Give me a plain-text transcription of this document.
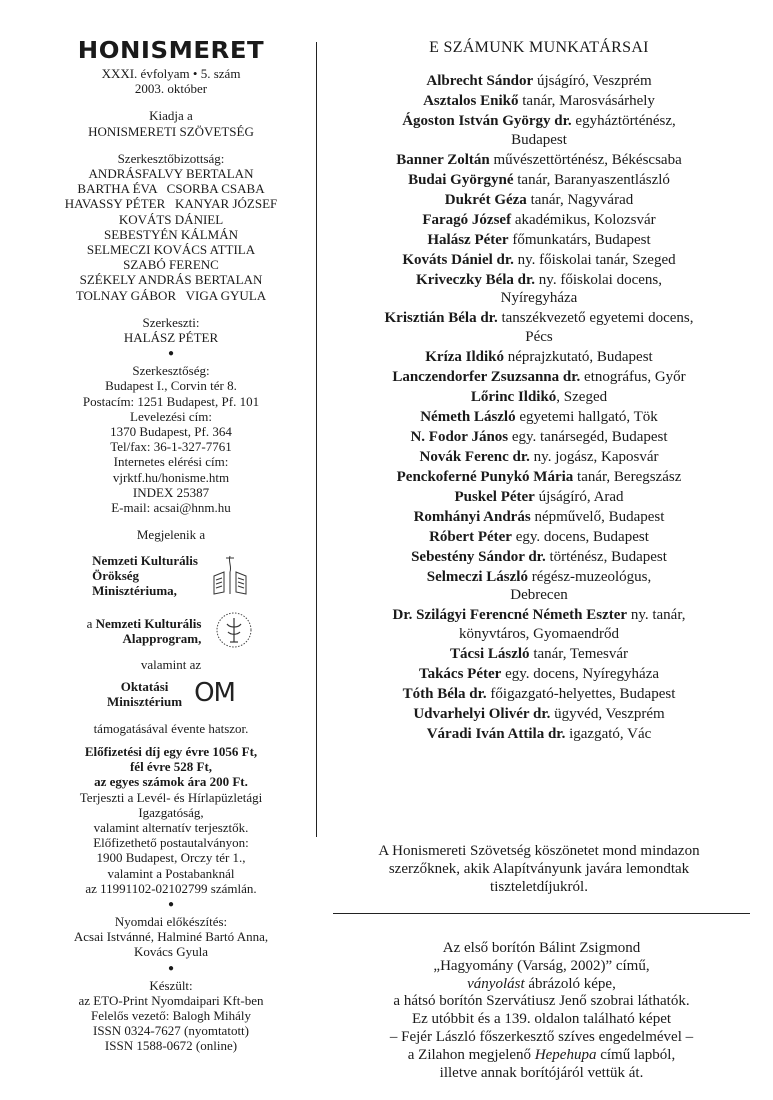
HONISMERET
XXXI. évfolyam • 5. szám
2003. október
Kiadja a
HONISMERETI SZÖVETSÉG
Szerkesztőbizottság:
ANDRÁSFALVY BERTALAN
BARTHA ÉVA   CSORBA CSABA
HAVASSY PÉTER   KANYAR JÓZSEF
KOVÁTS DÁNIEL
SEBESTYÉN KÁLMÁN
SELMECZI KOVÁCS ATTILA
SZABÓ FERENC
SZÉKELY ANDRÁS BERTALAN
TOLNAY GÁBOR   VIGA GYULA
Szerkeszti:
HALÁSZ PÉTER
●
Szerkesztőség:
Budapest I., Corvin tér 8.
Postacím: 1251 Budapest, Pf. 101
Levelezési cím:
1370 Budapest, Pf. 364
Tel/fax: 36-1-327-7761
Internetes elérési cím:
vjrktf.hu/honisme.htm
INDEX 25387
E-mail: acsai@hnm.hu
Megjelenik a
Nemzeti Kulturális
Örökség
Minisztériuma,
a Nemzeti Kulturális
Alapprogram,
valamint az
Oktatási
Minisztérium OM
támogatásával évente hatszor.
Előfizetési díj egy évre 1056 Ft,
fél évre 528 Ft,
az egyes számok ára 200 Ft.
Terjeszti a Levél- és Hírlapüzletági
Igazgatóság,
valamint alternatív terjesztők.
Előfizethető postautalványon:
1900 Budapest, Orczy tér 1.,
valamint a Postabanknál
az 11991102-02102799 számlán.
●
Nyomdai előkészítés:
Acsai Istvánné, Halminé Bartó Anna,
Kovács Gyula
●
Készült:
az ETO-Print Nyomdaipari Kft-ben
Felelős vezető: Balogh Mihály
ISSN 0324-7627 (nyomtatott)
ISSN 1588-0672 (online)
E SZÁMUNK MUNKATÁRSAI
Albrecht Sándor újságíró, Veszprém
Asztalos Enikő tanár, Marosvásárhely
Ágoston István György dr. egyháztörténész,
Budapest
Banner Zoltán művészettörténész, Békéscsaba
Budai Györgyné tanár, Baranyaszentlászló
Dukrét Géza tanár, Nagyvárad
Faragó József akadémikus, Kolozsvár
Halász Péter főmunkatárs, Budapest
Kováts Dániel dr. ny. főiskolai tanár, Szeged
Kriveczky Béla dr. ny. főiskolai docens,
Nyíregyháza
Krisztián Béla dr. tanszékvezető egyetemi docens,
Pécs
Kríza Ildikó néprajzkutató, Budapest
Lanczendorfer Zsuzsanna dr. etnográfus, Győr
Lőrinc Ildikó, Szeged
Németh László egyetemi hallgató, Tök
N. Fodor János egy. tanársegéd, Budapest
Novák Ferenc dr. ny. jogász, Kaposvár
Penckoferné Punykó Mária tanár, Beregszász
Puskel Péter újságíró, Arad
Romhányi András népművelő, Budapest
Róbert Péter egy. docens, Budapest
Sebestény Sándor dr. történész, Budapest
Selmeczi László régész-muzeológus,
Debrecen
Dr. Szilágyi Ferencné Németh Eszter ny. tanár,
könyvtáros, Gyomaendrőd
Tácsi László tanár, Temesvár
Takács Péter egy. docens, Nyíregyháza
Tóth Béla dr. főigazgató-helyettes, Budapest
Udvarhelyi Olivér dr. ügyvéd, Veszprém
Váradi Iván Attila dr. igazgató, Vác
A Honismereti Szövetség köszönetet mond mindazon
szerzőknek, akik Alapítványunk javára lemondtak
tiszteletdíjukról.
Az első borítón Bálint Zsigmond
„Hagyomány (Varság, 2002)” című,
ványolást ábrázoló képe,
a hátsó borítón Szervátiusz Jenő szobrai láthatók.
Ez utóbbit és a 139. oldalon található képet
– Fejér László főszerkesztő szíves engedelmével –
a Zilahon megjelenő Hepehupa című lapból,
illetve annak borítójáról vettük át.
